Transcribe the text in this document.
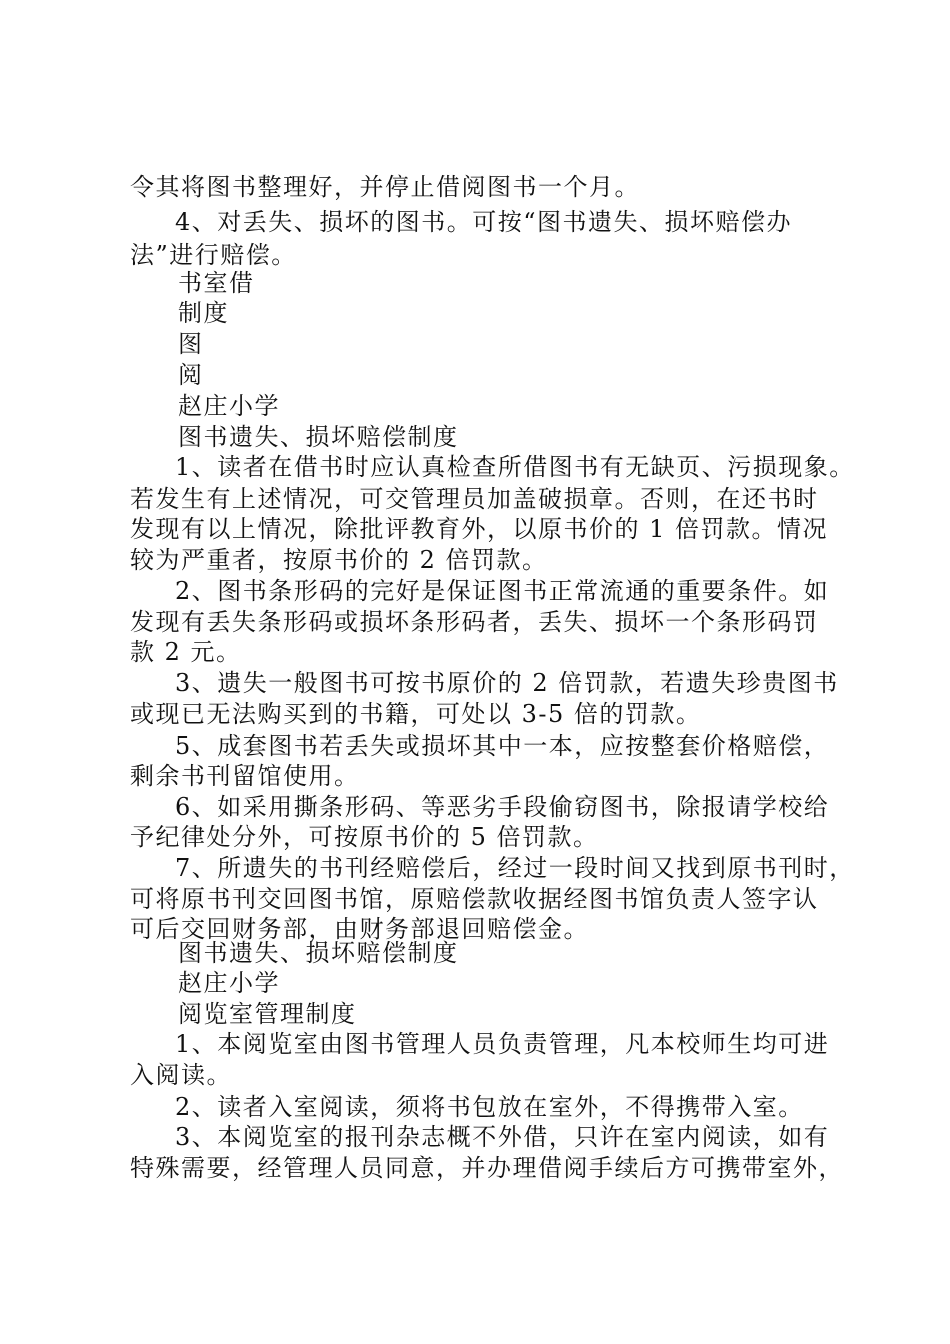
令其将图书整理好，并停止借阅图书一个月。
4、对丢失、损坏的图书。可按“图书遗失、损坏赔偿办
法”进行赔偿。
书室借
制度
图
阅
赵庄小学
图书遗失、损坏赔偿制度
1、读者在借书时应认真检查所借图书有无缺页、污损现象。
若发生有上述情况，可交管理员加盖破损章。否则，在还书时
发现有以上情况，除批评教育外，以原书价的 1 倍罚款。情况
较为严重者，按原书价的 2 倍罚款。
2、图书条形码的完好是保证图书正常流通的重要条件。如
发现有丢失条形码或损坏条形码者，丢失、损坏一个条形码罚
款 2 元。
3、遗失一般图书可按书原价的 2 倍罚款，若遗失珍贵图书
或现已无法购买到的书籍，可处以 3-5 倍的罚款。
5、成套图书若丢失或损坏其中一本，应按整套价格赔偿，
剩余书刊留馆使用。
6、如采用撕条形码、等恶劣手段偷窃图书，除报请学校给
予纪律处分外，可按原书价的 5 倍罚款。
7、所遗失的书刊经赔偿后，经过一段时间又找到原书刊时，
可将原书刊交回图书馆，原赔偿款收据经图书馆负责人签字认
可后交回财务部，由财务部退回赔偿金。
图书遗失、损坏赔偿制度
赵庄小学
阅览室管理制度
1、本阅览室由图书管理人员负责管理，凡本校师生均可进
入阅读。
2、读者入室阅读，须将书包放在室外，不得携带入室。
3、本阅览室的报刊杂志概不外借，只许在室内阅读，如有
特殊需要，经管理人员同意，并办理借阅手续后方可携带室外，
